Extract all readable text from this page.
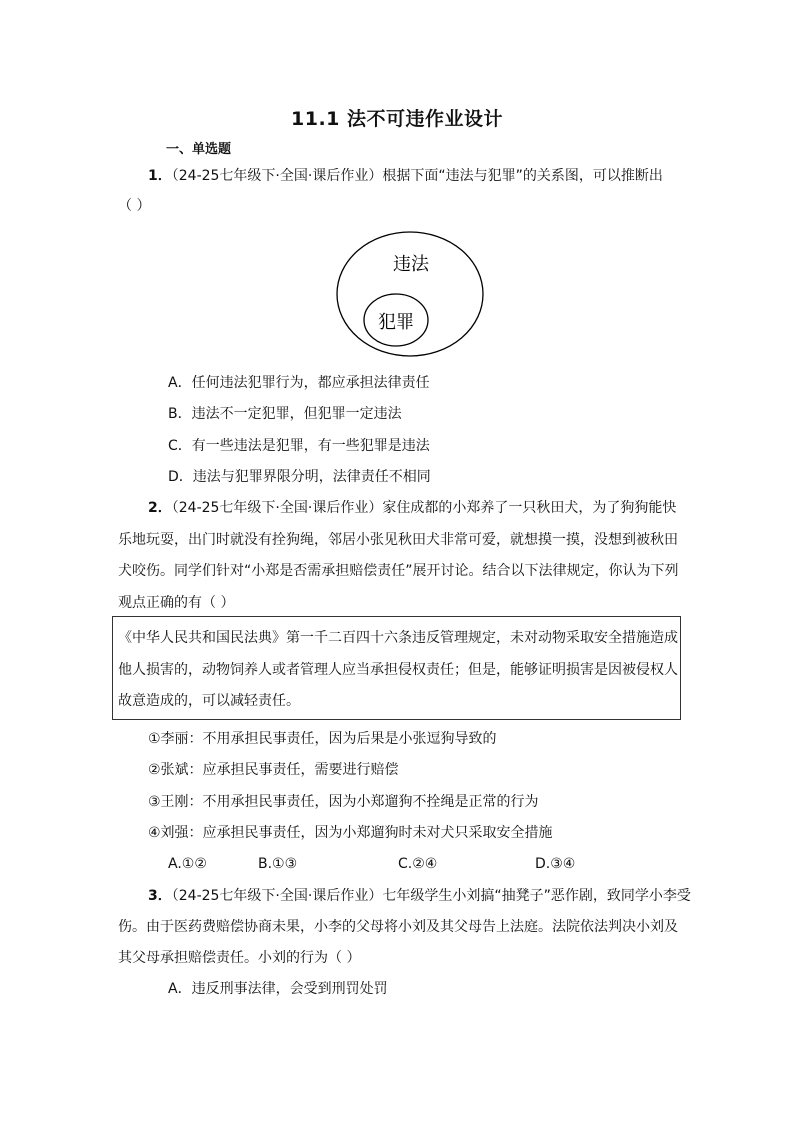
11.1 法不可违作业设计
一、单选题
1．（24-25七年级下·全国·课后作业）根据下面“违法与犯罪”的关系图，可以推断出
（ ）
违法
犯罪
A．任何违法犯罪行为，都应承担法律责任
B．违法不一定犯罪，但犯罪一定违法
C．有一些违法是犯罪，有一些犯罪是违法
D．违法与犯罪界限分明，法律责任不相同
2．（24-25七年级下·全国·课后作业）家住成都的小郑养了一只秋田犬，为了狗狗能快
乐地玩耍，出门时就没有拴狗绳，邻居小张见秋田犬非常可爱，就想摸一摸，没想到被秋田
犬咬伤。同学们针对“小郑是否需承担赔偿责任”展开讨论。结合以下法律规定，你认为下列
观点正确的有（ ）
《中华人民共和国民法典》第一千二百四十六条违反管理规定，未对动物采取安全措施造成
他人损害的，动物饲养人或者管理人应当承担侵权责任；但是，能够证明损害是因被侵权人
故意造成的，可以减轻责任。
①李丽：不用承担民事责任，因为后果是小张逗狗导致的
②张斌：应承担民事责任，需要进行赔偿
③王刚：不用承担民事责任，因为小郑遛狗不拴绳是正常的行为
④刘强：应承担民事责任，因为小郑遛狗时未对犬只采取安全措施
A.①②	B.①③	C.②④	D.③④
3．（24-25七年级下·全国·课后作业）七年级学生小刘搞“抽凳子”恶作剧，致同学小李受
伤。由于医药费赔偿协商未果，小李的父母将小刘及其父母告上法庭。法院依法判决小刘及
其父母承担赔偿责任。小刘的行为（ ）
A．违反刑事法律，会受到刑罚处罚
